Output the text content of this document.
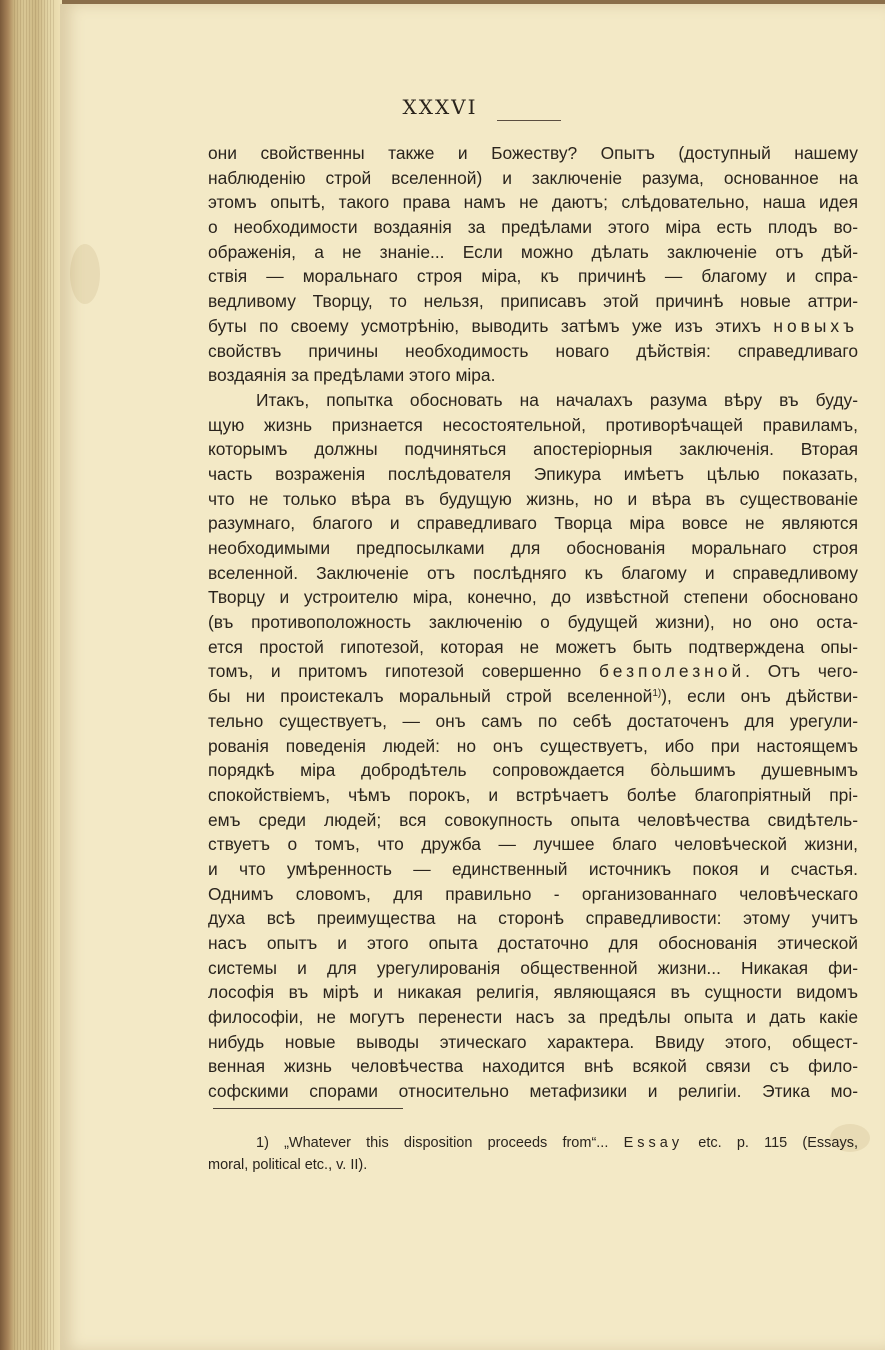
XXXVI
они свойственны также и Божеству? Опытъ (доступный нашему
наблюденію строй вселенной) и заключеніе разума, основанное на
этомъ опытѣ, такого права намъ не даютъ; слѣдовательно, наша идея
о необходимости воздаянія за предѣлами этого міра есть плодъ во-
ображенія, а не знаніе... Если можно дѣлать заключеніе отъ дѣй-
ствія — моральнаго строя міра, къ причинѣ — благому и спра-
ведливому Творцу, то нельзя, приписавъ этой причинѣ новые аттри-
буты по своему усмотрѣнію, выводить затѣмъ уже изъ этихъ новыхъ
свойствъ причины необходимость новаго дѣйствія: справедливаго
воздаянія за предѣлами этого міра.
Итакъ, попытка обосновать на началахъ разума вѣру въ буду-
щую жизнь признается несостоятельной, противорѣчащей правиламъ,
которымъ должны подчиняться апостеріорныя заключенія. Вторая
часть возраженія послѣдователя Эпикура имѣетъ цѣлью показать,
что не только вѣра въ будущую жизнь, но и вѣра въ существованіе
разумнаго, благого и справедливаго Творца міра вовсе не являются
необходимыми предпосылками для обоснованія моральнаго строя
вселенной. Заключеніе отъ послѣдняго къ благому и справедливому
Творцу и устроителю міра, конечно, до извѣстной степени обосновано
(въ противоположность заключенію о будущей жизни), но оно оста-
ется простой гипотезой, которая не можетъ быть подтверждена опы-
томъ, и притомъ гипотезой совершенно безполезной. Отъ чего-
бы ни проистекалъ моральный строй вселенной$^{1)}$), если онъ дѣйстви-
тельно существуетъ, — онъ самъ по себѣ достаточенъ для урегули-
рованія поведенія людей: но онъ существуетъ, ибо при настоящемъ
порядкѣ міра добродѣтель сопровождается бо̀льшимъ душевнымъ
спокойствіемъ, чѣмъ порокъ, и встрѣчаетъ болѣе благопріятный прі-
емъ среди людей; вся совокупность опыта человѣчества свидѣтель-
ствуетъ о томъ, что дружба — лучшее благо человѣческой жизни,
и что умѣренность — единственный источникъ покоя и счастья.
Однимъ словомъ, для правильно - организованнаго человѣческаго
духа всѣ преимущества на сторонѣ справедливости: этому учитъ
насъ опытъ и этого опыта достаточно для обоснованія этической
системы и для урегулированія общественной жизни... Никакая фи-
лософія въ мірѣ и никакая религія, являющаяся въ сущности видомъ
философіи, не могутъ перенести насъ за предѣлы опыта и дать какіе
нибудь новые выводы этическаго характера. Ввиду этого, общест-
венная жизнь человѣчества находится внѣ всякой связи съ фило-
софскими спорами относительно метафизики и религіи. Этика мо-
1) „Whatever this disposition proceeds from“... Essay etc. p. 115 (Essays,
moral, political etc., v. II).
